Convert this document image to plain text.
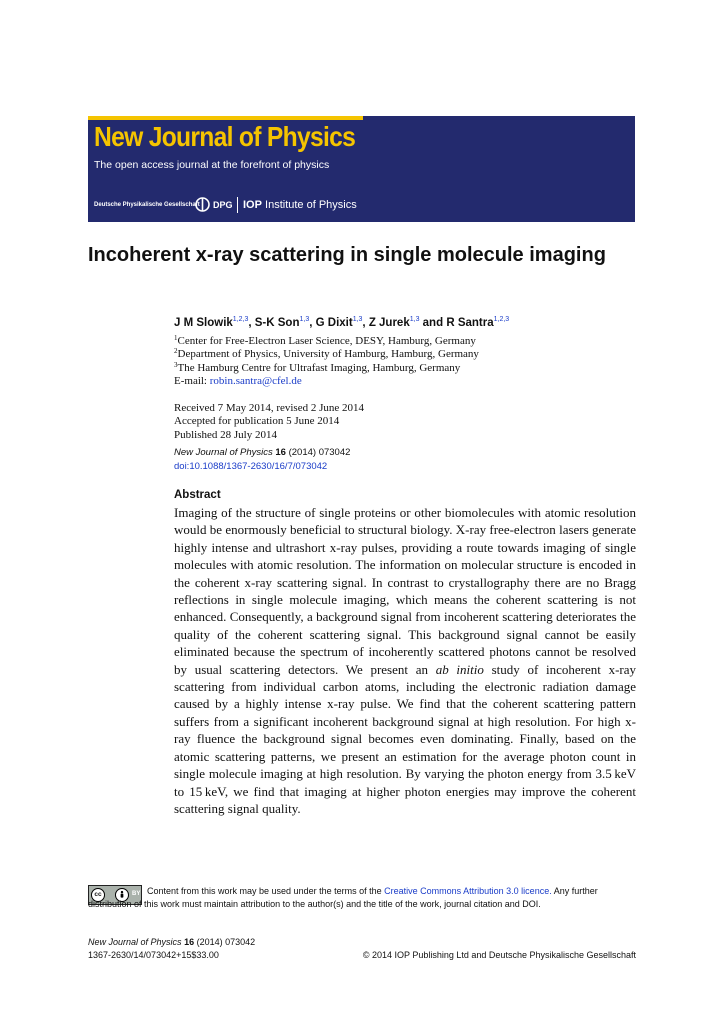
New Journal of Physics
The open access journal at the forefront of physics
Deutsche Physikalische Gesellschaft DPG IOP Institute of Physics
Incoherent x-ray scattering in single molecule imaging
J M Slowik$^{1,2,3}$, S-K Son$^{1,3}$, G Dixit$^{1,3}$, Z Jurek$^{1,3}$ and R Santra$^{1,2,3}$
$^1$Center for Free-Electron Laser Science, DESY, Hamburg, Germany
$^2$Department of Physics, University of Hamburg, Hamburg, Germany
$^3$The Hamburg Centre for Ultrafast Imaging, Hamburg, Germany
E-mail: robin.santra@cfel.de
Received 7 May 2014, revised 2 June 2014
Accepted for publication 5 June 2014
Published 28 July 2014
New Journal of Physics 16 (2014) 073042
doi:10.1088/1367-2630/16/7/073042
Abstract

Imaging of the structure of single proteins or other biomolecules with atomic resolution would be enormously beneficial to structural biology. X-ray free-electron lasers generate highly intense and ultrashort x-ray pulses, providing a route towards imaging of single molecules with atomic resolution. The information on molecular structure is encoded in the coherent x-ray scattering signal. In contrast to crystallography there are no Bragg reflections in single molecule imaging, which means the coherent scattering is not enhanced. Consequently, a background signal from incoherent scattering deteriorates the quality of the coherent scattering signal. This background signal cannot be easily eliminated because the spectrum of incoherently scattered photons cannot be resolved by usual scattering detectors. We present an ab initio study of incoherent x-ray scattering from individual carbon atoms, including the electronic radiation damage caused by a highly intense x-ray pulse. We find that the coherent scattering pattern suffers from a significant incoherent background signal at high resolution. For high x-ray fluence the background signal becomes even dominating. Finally, based on the atomic scattering patterns, we present an estimation for the average photon count in single molecule imaging at high resolution. By varying the photon energy from 3.5 keV to 15 keV, we find that imaging at higher photon energies may improve the coherent scattering signal quality.

cc	BY Content from this work may be used under the terms of the Creative Commons Attribution 3.0 licence. Any further distribution of this work must maintain attribution to the author(s) and the title of the work, journal citation and DOI.

New Journal of Physics 16 (2014) 073042
1367-2630/14/073042+15$33.00	© 2014 IOP Publishing Ltd and Deutsche Physikalische Gesellschaft
